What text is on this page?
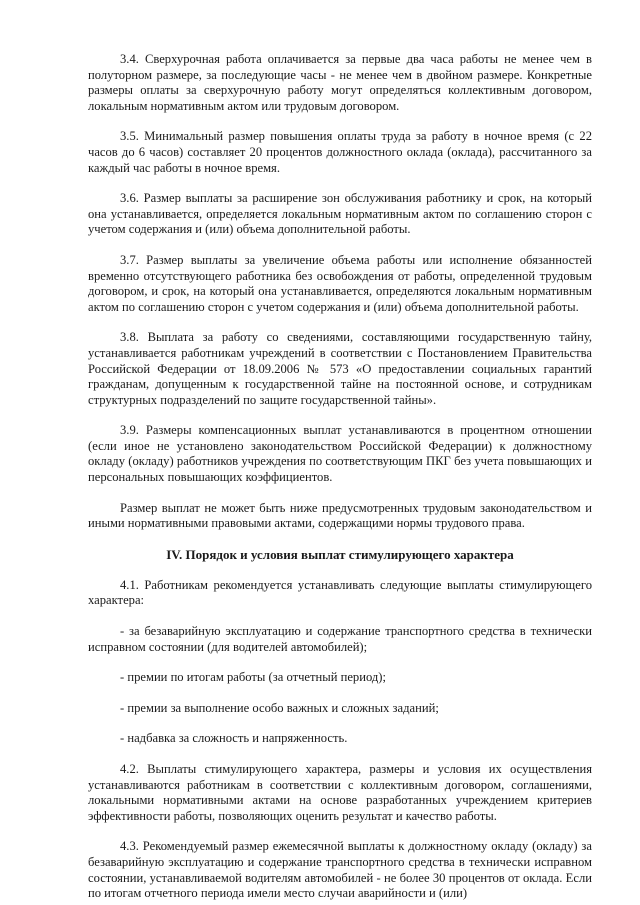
3.4. Сверхурочная работа оплачивается за первые два часа работы не менее чем в полуторном размере, за последующие часы - не менее чем в двойном размере. Конкретные размеры оплаты за сверхурочную работу могут определяться коллективным договором, локальным нормативным актом или трудовым договором.

3.5. Минимальный размер повышения оплаты труда за работу в ночное время (с 22 часов до 6 часов) составляет 20 процентов должностного оклада (оклада), рассчитанного за каждый час работы в ночное время.

3.6. Размер выплаты за расширение зон обслуживания работнику и срок, на который она устанавливается, определяется локальным нормативным актом по соглашению сторон с учетом содержания и (или) объема дополнительной работы.

3.7. Размер выплаты за увеличение объема работы или исполнение обязанностей временно отсутствующего работника без освобождения от работы, определенной трудовым договором, и срок, на который она устанавливается, определяются локальным нормативным актом по соглашению сторон с учетом содержания и (или) объема дополнительной работы.

3.8. Выплата за работу со сведениями, составляющими государственную тайну, устанавливается работникам учреждений в соответствии с Постановлением Правительства Российской Федерации от 18.09.2006 № 573 «О предоставлении социальных гарантий гражданам, допущенным к государственной тайне на постоянной основе, и сотрудникам структурных подразделений по защите государственной тайны».

3.9. Размеры компенсационных выплат устанавливаются в процентном отношении (если иное не установлено законодательством Российской Федерации) к должностному окладу (окладу) работников учреждения по соответствующим ПКГ без учета повышающих и персональных повышающих коэффициентов.

Размер выплат не может быть ниже предусмотренных трудовым законодательством и иными нормативными правовыми актами, содержащими нормы трудового права.

IV. Порядок и условия выплат стимулирующего характера

4.1. Работникам рекомендуется устанавливать следующие выплаты стимулирующего характера:

- за безаварийную эксплуатацию и содержание транспортного средства в технически исправном состоянии (для водителей автомобилей);

- премии по итогам работы (за отчетный период);

- премии за выполнение особо важных и сложных заданий;

- надбавка за сложность и напряженность.

4.2. Выплаты стимулирующего характера, размеры и условия их осуществления устанавливаются работникам в соответствии с коллективным договором, соглашениями, локальными нормативными актами на основе разработанных учреждением критериев эффективности работы, позволяющих оценить результат и качество работы.

4.3. Рекомендуемый размер ежемесячной выплаты к должностному окладу (окладу) за безаварийную эксплуатацию и содержание транспортного средства в технически исправном состоянии, устанавливаемой водителям автомобилей - не более 30 процентов от оклада. Если по итогам отчетного периода имели место случаи аварийности и (или)
